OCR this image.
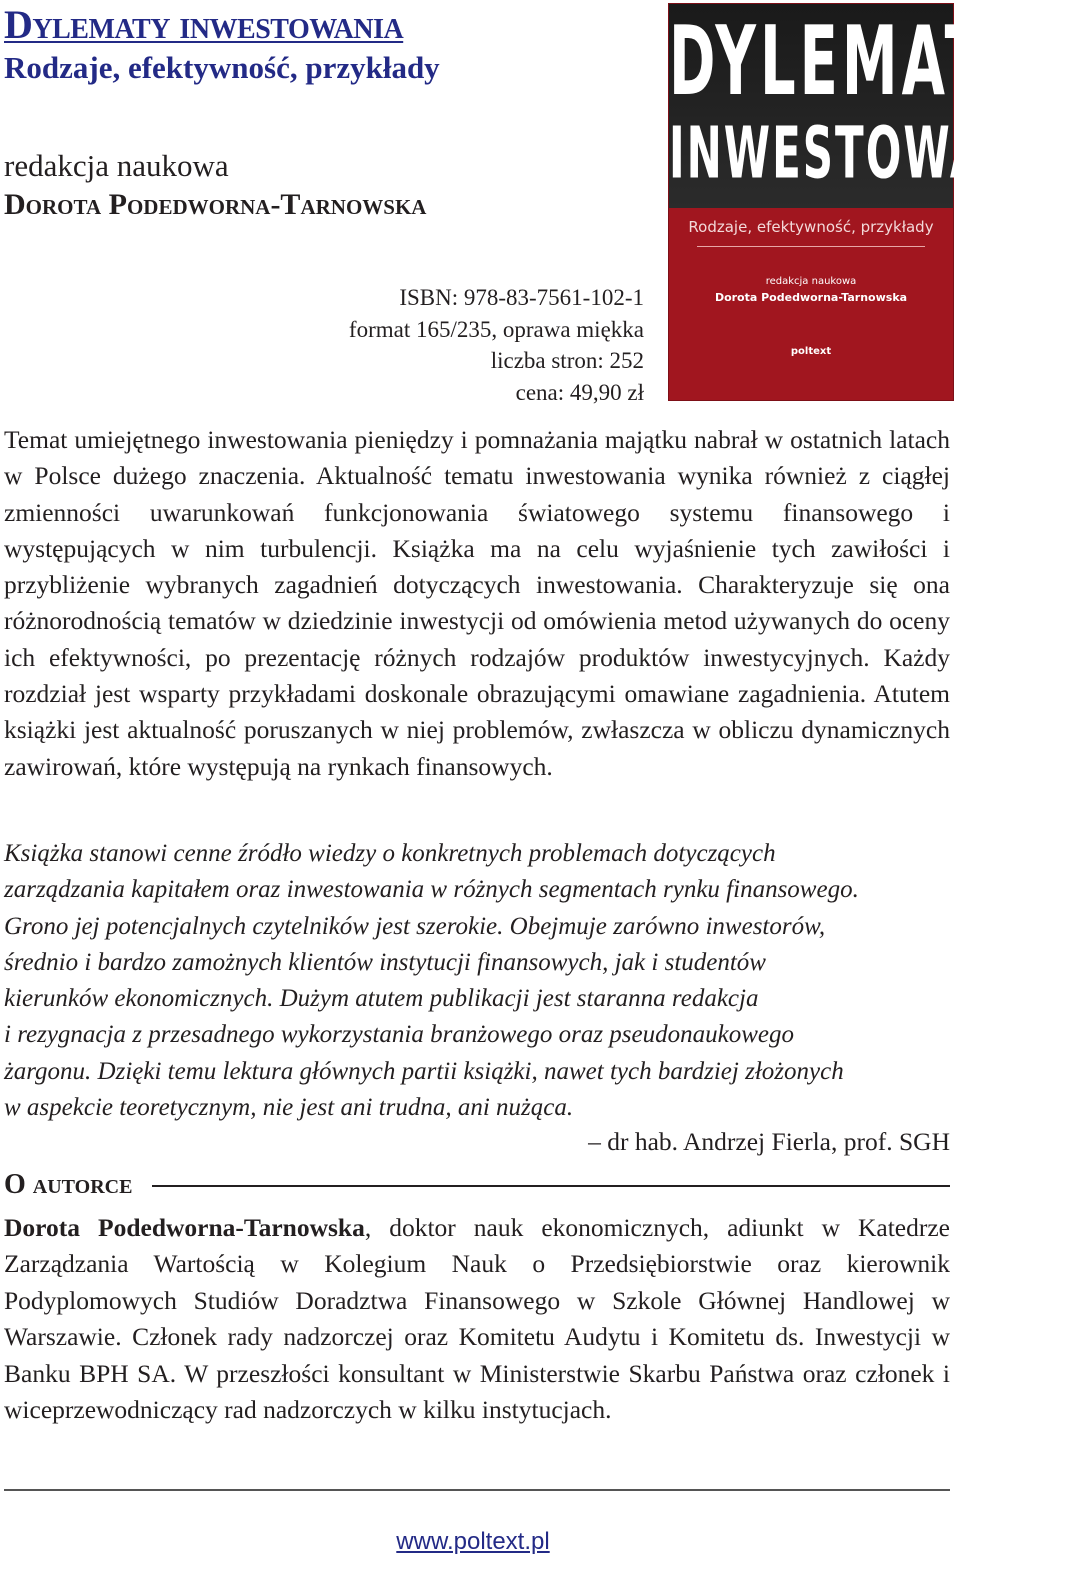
Dylematy inwestowania
Rodzaje, efektywność, przykłady
redakcja naukowa
Dorota Podedworna-Tarnowska
ISBN: 978-83-7561-102-1
format 165/235, oprawa miękka
liczba stron: 252
cena: 49,90 zł
DYLEMATY
INWESTOWANIA
Rodzaje, efektywność, przykłady
redakcja naukowa
Dorota Podedworna-Tarnowska
poltext
Temat umiejętnego inwestowania pieniędzy i pomnażania majątku nabrał w ostatnich latach w Polsce dużego znaczenia. Aktualność tematu inwestowania wynika również z ciągłej zmienności uwarunkowań funkcjonowania światowego systemu finansowego i występujących w nim turbulencji. Książka ma na celu wyjaśnienie tych zawiłości i przybliżenie wybranych zagadnień dotyczących inwestowania. Charakteryzuje się ona różnorodnością tematów w dziedzinie inwestycji od omówienia metod używanych do oceny ich efektywności, po prezentację różnych rodzajów produktów inwestycyjnych. Każdy rozdział jest wsparty przykładami doskonale obrazującymi omawiane zagadnienia. Atutem książki jest aktualność poruszanych w niej problemów, zwłaszcza w obliczu dynamicznych zawirowań, które występują na rynkach finansowych.
Książka stanowi cenne źródło wiedzy o konkretnych problemach dotyczących
zarządzania kapitałem oraz inwestowania w różnych segmentach rynku finansowego.
Grono jej potencjalnych czytelników jest szerokie. Obejmuje zarówno inwestorów,
średnio i bardzo zamożnych klientów instytucji finansowych, jak i studentów
kierunków ekonomicznych. Dużym atutem publikacji jest staranna redakcja
i rezygnacja z przesadnego wykorzystania branżowego oraz pseudonaukowego
żargonu. Dzięki temu lektura głównych partii książki, nawet tych bardziej złożonych
w aspekcie teoretycznym, nie jest ani trudna, ani nużąca.
– dr hab. Andrzej Fierla, prof. SGH
O autorce
Dorota Podedworna-Tarnowska, doktor nauk ekonomicznych, adiunkt w Katedrze Zarządzania Wartością w Kolegium Nauk o Przedsiębiorstwie oraz kierownik Podyplomowych Studiów Doradztwa Finansowego w Szkole Głównej Handlowej w Warszawie. Członek rady nadzorczej oraz Komitetu Audytu i Komitetu ds. Inwestycji w Banku BPH SA. W przeszłości konsultant w Ministerstwie Skarbu Państwa oraz członek i wiceprzewodniczący rad nadzorczych w kilku instytucjach.
www.poltext.pl
